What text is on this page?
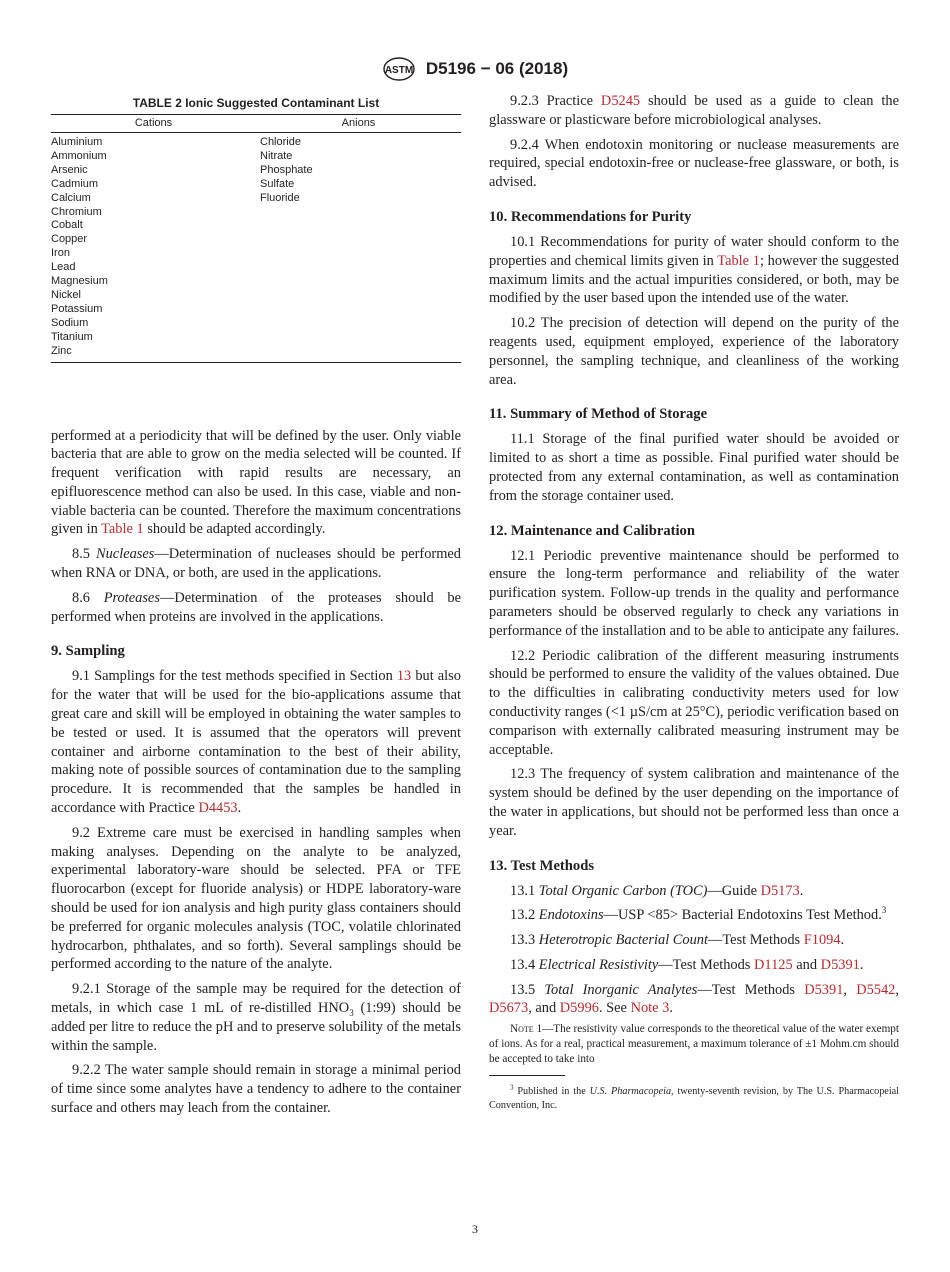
ASTM D5196 − 06 (2018)
TABLE 2 Ionic Suggested Contaminant List
Cations	Anions
Aluminium	Chloride
Ammonium	Nitrate
Arsenic	Phosphate
Cadmium	Sulfate
Calcium	Fluoride
Chromium	
Cobalt	
Copper	
Iron	
Lead	
Magnesium	
Nickel	
Potassium	
Sodium	
Titanium	
Zinc	

performed at a periodicity that will be defined by the user. Only viable bacteria that are able to grow on the media selected will be counted. If frequent verification with rapid results are necessary, an epifluorescence method can also be used. In this case, viable and non-viable bacteria can be counted. Therefore the maximum concentrations given in Table 1 should be adapted accordingly.

8.5 Nucleases—Determination of nucleases should be performed when RNA or DNA, or both, are used in the applications.

8.6 Proteases—Determination of the proteases should be performed when proteins are involved in the applications.

9. Sampling

9.1 Samplings for the test methods specified in Section 13 but also for the water that will be used for the bio-applications assume that great care and skill will be employed in obtaining the water samples to be tested or used. It is assumed that the operators will prevent container and airborne contamination to the best of their ability, making note of possible sources of contamination due to the sampling procedure. It is recommended that the samples be handled in accordance with Practice D4453.

9.2 Extreme care must be exercised in handling samples when making analyses. Depending on the analyte to be analyzed, experimental laboratory-ware should be selected. PFA or TFE fluorocarbon (except for fluoride analysis) or HDPE laboratory-ware should be used for ion analysis and high purity glass containers should be preferred for organic molecules analysis (TOC, volatile chlorinated hydrocarbon, phthalates, and so forth). Several samplings should be performed according to the nature of the analyte.

9.2.1 Storage of the sample may be required for the detection of metals, in which case 1 mL of re-distilled $HNO_3$ (1:99) should be added per litre to reduce the pH and to preserve solubility of the metals within the sample.

9.2.2 The water sample should remain in storage a minimal period of time since some analytes have a tendency to adhere to the container surface and others may leach from the container.

9.2.3 Practice D5245 should be used as a guide to clean the glassware or plasticware before microbiological analyses.

9.2.4 When endotoxin monitoring or nuclease measurements are required, special endotoxin-free or nuclease-free glassware, or both, is advised.

10. Recommendations for Purity

10.1 Recommendations for purity of water should conform to the properties and chemical limits given in Table 1; however the suggested maximum limits and the actual impurities considered, or both, may be modified by the user based upon the intended use of the water.

10.2 The precision of detection will depend on the purity of the reagents used, equipment employed, experience of the laboratory personnel, the sampling technique, and cleanliness of the working area.

11. Summary of Method of Storage

11.1 Storage of the final purified water should be avoided or limited to as short a time as possible. Final purified water should be protected from any external contamination, as well as contamination from the storage container used.

12. Maintenance and Calibration

12.1 Periodic preventive maintenance should be performed to ensure the long-term performance and reliability of the water purification system. Follow-up trends in the quality and performance parameters should be observed regularly to check any variations in performance of the installation and to be able to anticipate any failures.

12.2 Periodic calibration of the different measuring instruments should be performed to ensure the validity of the values obtained. Due to the difficulties in calibrating conductivity meters used for low conductivity ranges (<1 µS/cm at 25°C), periodic verification based on comparison with externally calibrated measuring instrument may be acceptable.

12.3 The frequency of system calibration and maintenance of the system should be defined by the user depending on the importance of the water in applications, but should not be performed less than once a year.

13. Test Methods

13.1 Total Organic Carbon (TOC)—Guide D5173.

13.2 Endotoxins—USP <85> Bacterial Endotoxins Test Method.$^3$

13.3 Heterotropic Bacterial Count—Test Methods F1094.

13.4 Electrical Resistivity—Test Methods D1125 and D5391.

13.5 Total Inorganic Analytes—Test Methods D5391, D5542, D5673, and D5996. See Note 3.

Note 1—The resistivity value corresponds to the theoretical value of the water exempt of ions. As for a real, practical measurement, a maximum tolerance of ±1 Mohm.cm should be accepted to take into
$^3$ Published in the U.S. Pharmacopeia, twenty-seventh revision, by The U.S. Pharmacopeial Convention, Inc.
3
